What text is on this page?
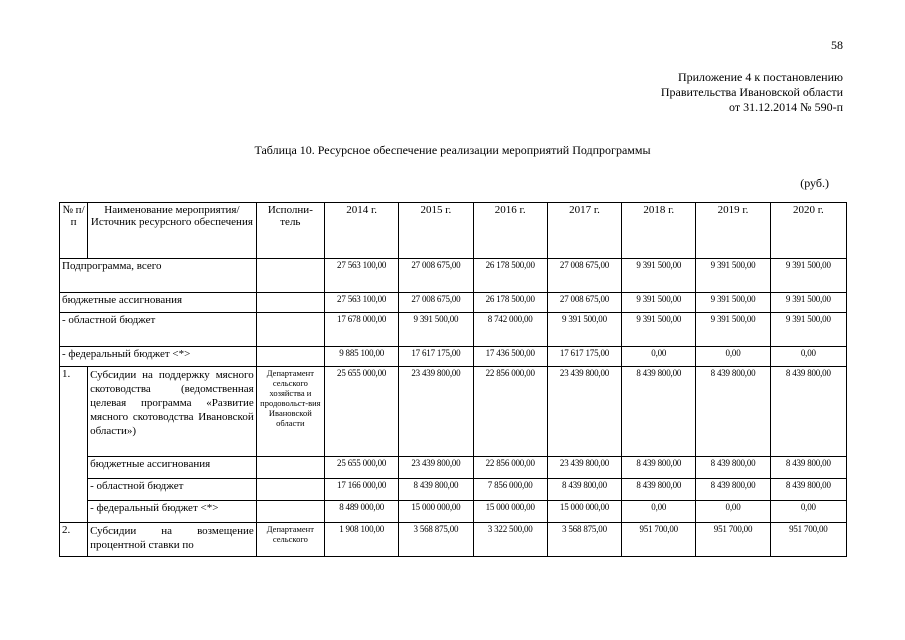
58
Приложение 4 к постановлению
Правительства Ивановской области
от 31.12.2014 № 590-п
Таблица 10. Ресурсное обеспечение реализации мероприятий Подпрограммы
(руб.)
№ п/п	Наименование мероприятия/Источник ресурсного обеспечения	Исполни-тель	2014 г.	2015 г.	2016 г.	2017 г.	2018 г.	2019 г.	2020 г.
Подпрограмма, всего			27 563 100,00	27 008 675,00	26 178 500,00	27 008 675,00	9 391 500,00	9 391 500,00	9 391 500,00
бюджетные ассигнования			27 563 100,00	27 008 675,00	26 178 500,00	27 008 675,00	9 391 500,00	9 391 500,00	9 391 500,00
- областной бюджет			17 678 000,00	9 391 500,00	8 742 000,00	9 391 500,00	9 391 500,00	9 391 500,00	9 391 500,00
- федеральный бюджет <*>			9 885 100,00	17 617 175,00	17 436 500,00	17 617 175,00	0,00	0,00	0,00
1.	Субсидии на поддержку мясного скотоводства (ведомственная целевая программа «Развитие мясного скотоводства Ивановской области»)	Департамент сельского хозяйства и продовольст-вия Ивановской области	25 655 000,00	23 439 800,00	22 856 000,00	23 439 800,00	8 439 800,00	8 439 800,00	8 439 800,00
	бюджетные ассигнования		25 655 000,00	23 439 800,00	22 856 000,00	23 439 800,00	8 439 800,00	8 439 800,00	8 439 800,00
	- областной бюджет		17 166 000,00	8 439 800,00	7 856 000,00	8 439 800,00	8 439 800,00	8 439 800,00	8 439 800,00
	- федеральный бюджет <*>		8 489 000,00	15 000 000,00	15 000 000,00	15 000 000,00	0,00	0,00	0,00
2.	Субсидии на возмещение процентной ставки по	Департамент сельского	1 908 100,00	3 568 875,00	3 322 500,00	3 568 875,00	951 700,00	951 700,00	951 700,00
